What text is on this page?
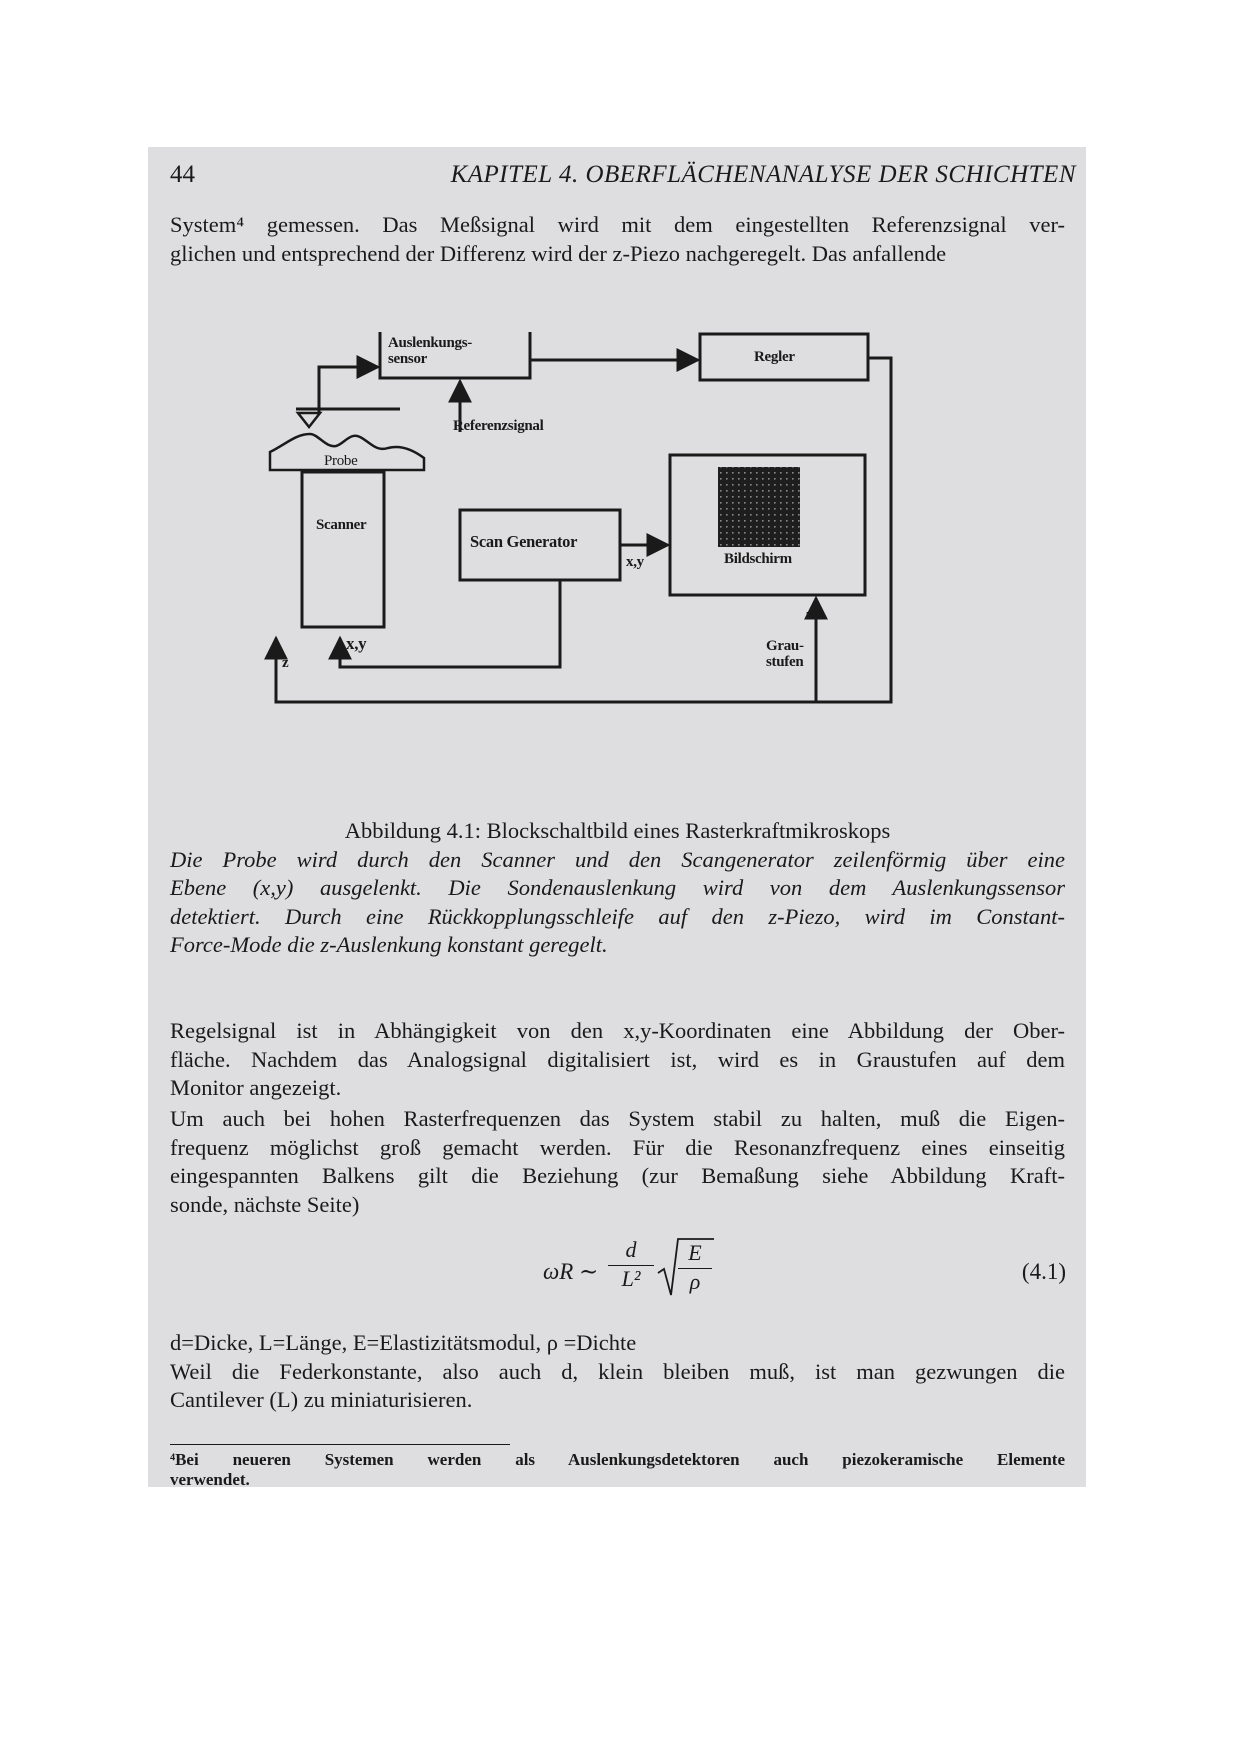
44	KAPITEL 4. OBERFLÄCHENANALYSE DER SCHICHTEN

System⁴ gemessen. Das Meßsignal wird mit dem eingestellten Referenzsignal ver-
glichen und entsprechend der Differenz wird der z-Piezo nachgeregelt. Das anfallende

Auslenkungs-
sensor	Regler
Referenzsignal
Probe
Scanner
Scan Generator
x,y	Bildschirm
z
Grau-
stufen
z
x,y

Abbildung 4.1: Blockschaltbild eines Rasterkraftmikroskops
Die Probe wird durch den Scanner und den Scangenerator zeilenförmig über eine
Ebene (x,y) ausgelenkt. Die Sondenauslenkung wird von dem Auslenkungssensor
detektiert. Durch eine Rückkopplungsschleife auf den z-Piezo, wird im Constant-
Force-Mode die z-Auslenkung konstant geregelt.

Regelsignal ist in Abhängigkeit von den x,y-Koordinaten eine Abbildung der Ober-
fläche. Nachdem das Analogsignal digitalisiert ist, wird es in Graustufen auf dem
Monitor angezeigt.

Um auch bei hohen Rasterfrequenzen das System stabil zu halten, muß die Eigen-
frequenz möglichst groß gemacht werden. Für die Resonanzfrequenz eines einseitig
eingespannten Balkens gilt die Beziehung (zur Bemaßung siehe Abbildung Kraft-
sonde, nächste Seite)

ωR ∼
d
L²
E
ρ	(4.1)

d=Dicke, L=Länge, E=Elastizitätsmodul, ρ =Dichte
Weil die Federkonstante, also auch d, klein bleiben muß, ist man gezwungen die
Cantilever (L) zu miniaturisieren.

⁴Bei neueren Systemen werden als Auslenkungsdetektoren auch piezokeramische Elemente
verwendet.
